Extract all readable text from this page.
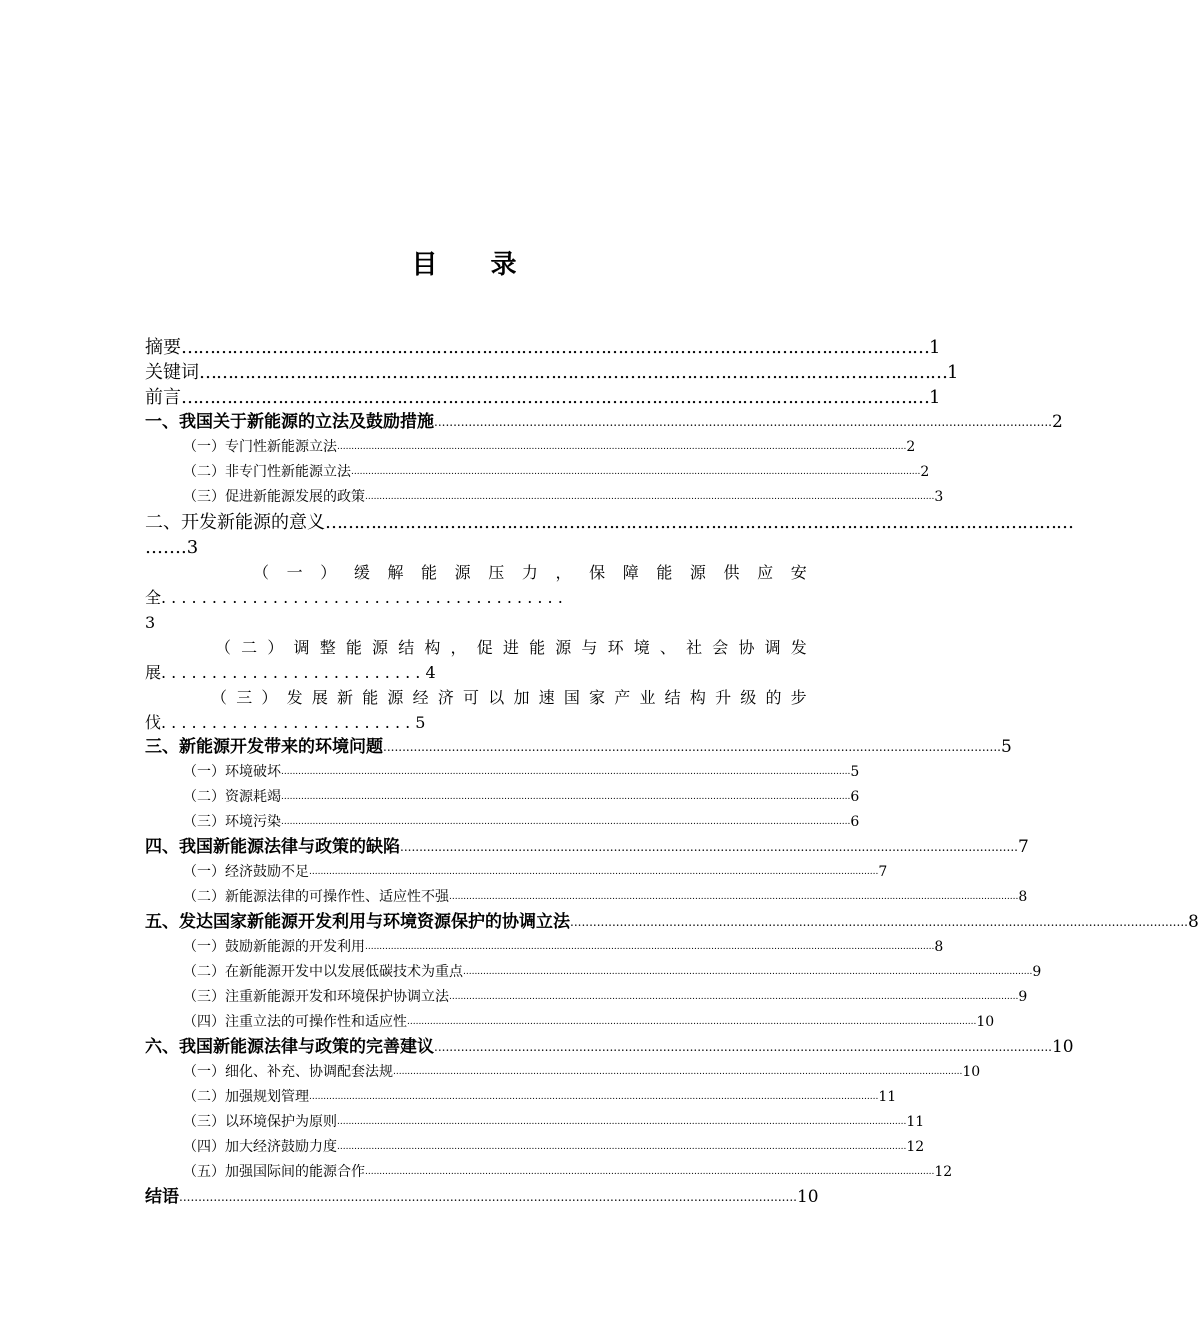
目 录
摘要 …………………………………………………………………………………………………………………… 1
关键词 …………………………………………………………………………………………………………………… 1
前言 …………………………………………………………………………………………………………………… 1
一、我国关于新能源的立法及鼓励措施 .................................................................................................................................................................. 2
（一）专门性新能源立法 ....................................................................................................................................................................................................... 2
（二）非专门性新能源立法 ....................................................................................................................................................................................................... 2
（三）促进新能源发展的政策 ....................................................................................................................................................................................................... 3
二、开发新能源的意义 ……………………………………………………………………………………………………………………
…….3
（ 一 ） 缓 解 能 源 压 力 ， 保 障 能 源 供 应 安
全. . . . . . . . . . . . . . . . . . . . . . . . . . . . . . . . . . . . . . . .
3
（ 二 ） 调 整 能 源 结 构 ， 促 进 能 源 与 环 境 、 社 会 协 调 发
展. . . . . . . . . . . . . . . . . . . . . . . . . . 4
（ 三 ） 发 展 新 能 源 经 济 可 以 加 速 国 家 产 业 结 构 升 级 的 步
伐. . . . . . . . . . . . . . . . . . . . . . . . . 5
三、新能源开发带来的环境问题 .................................................................................................................................................................. 5
（一）环境破坏 ....................................................................................................................................................................................................... 5
（二）资源耗竭 ....................................................................................................................................................................................................... 6
（三）环境污染 ....................................................................................................................................................................................................... 6
四、我国新能源法律与政策的缺陷 .................................................................................................................................................................. 7
（一）经济鼓励不足 ....................................................................................................................................................................................................... 7
（二）新能源法律的可操作性、适应性不强 ....................................................................................................................................................................................................... 8
五、发达国家新能源开发利用与环境资源保护的协调立法 .................................................................................................................................................................. 8
（一）鼓励新能源的开发利用 ....................................................................................................................................................................................................... 8
（二）在新能源开发中以发展低碳技术为重点 ....................................................................................................................................................................................................... 9
（三）注重新能源开发和环境保护协调立法 ....................................................................................................................................................................................................... 9
（四）注重立法的可操作性和适应性 ....................................................................................................................................................................................................... 10
六、我国新能源法律与政策的完善建议 .................................................................................................................................................................. 10
（一）细化、补充、协调配套法规 ....................................................................................................................................................................................................... 10
（二）加强规划管理 ....................................................................................................................................................................................................... 11
（三）以环境保护为原则 ....................................................................................................................................................................................................... 11
（四）加大经济鼓励力度 ....................................................................................................................................................................................................... 12
（五）加强国际间的能源合作 ....................................................................................................................................................................................................... 12
结语 .................................................................................................................................................................. 10
